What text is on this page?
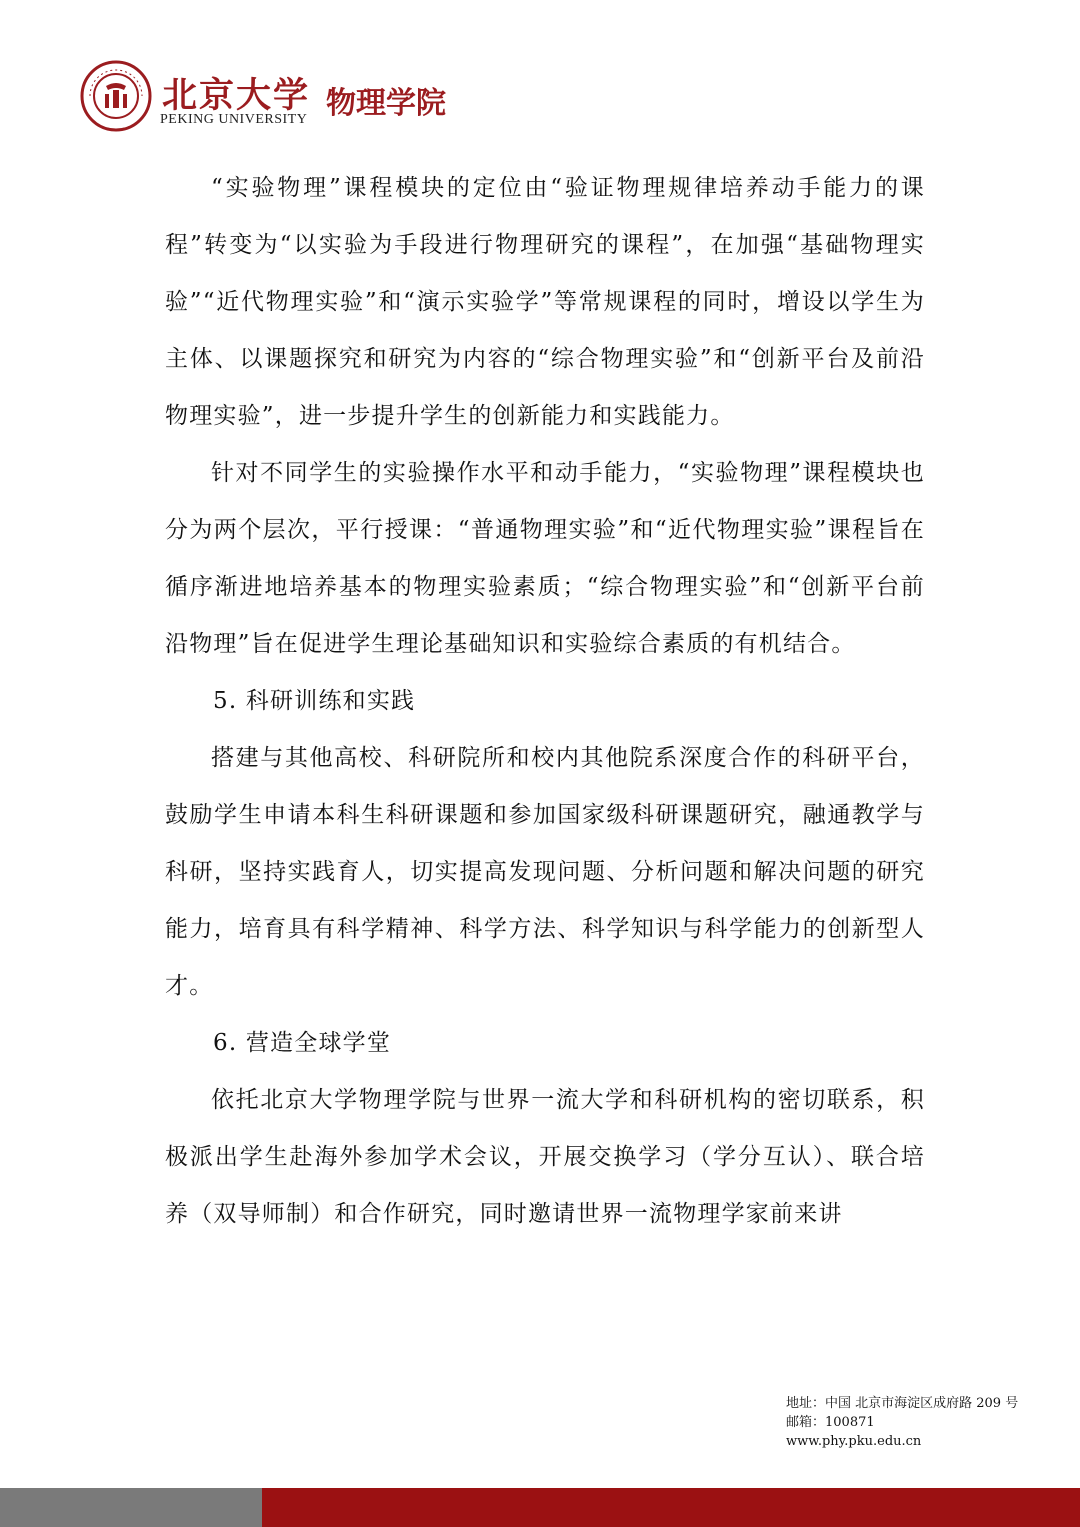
北京大学
PEKING UNIVERSITY 物理学院

“实验物理”课程模块的定位由“验证物理规律培养动手能力的课程”转变为“以实验为手段进行物理研究的课程”，在加强“基础物理实验”“近代物理实验”和“演示实验学”等常规课程的同时，增设以学生为主体、以课题探究和研究为内容的“综合物理实验”和“创新平台及前沿物理实验”，进一步提升学生的创新能力和实践能力。

针对不同学生的实验操作水平和动手能力，“实验物理”课程模块也分为两个层次，平行授课：“普通物理实验”和“近代物理实验”课程旨在循序渐进地培养基本的物理实验素质；“综合物理实验”和“创新平台前沿物理”旨在促进学生理论基础知识和实验综合素质的有机结合。

5. 科研训练和实践

搭建与其他高校、科研院所和校内其他院系深度合作的科研平台，鼓励学生申请本科生科研课题和参加国家级科研课题研究，融通教学与科研，坚持实践育人，切实提高发现问题、分析问题和解决问题的研究能力，培育具有科学精神、科学方法、科学知识与科学能力的创新型人才。

6. 营造全球学堂

依托北京大学物理学院与世界一流大学和科研机构的密切联系，积极派出学生赴海外参加学术会议，开展交换学习（学分互认）、联合培养（双导师制）和合作研究，同时邀请世界一流物理学家前来讲

地址：中国 北京市海淀区成府路 209 号
邮箱：100871
www.phy.pku.edu.cn
